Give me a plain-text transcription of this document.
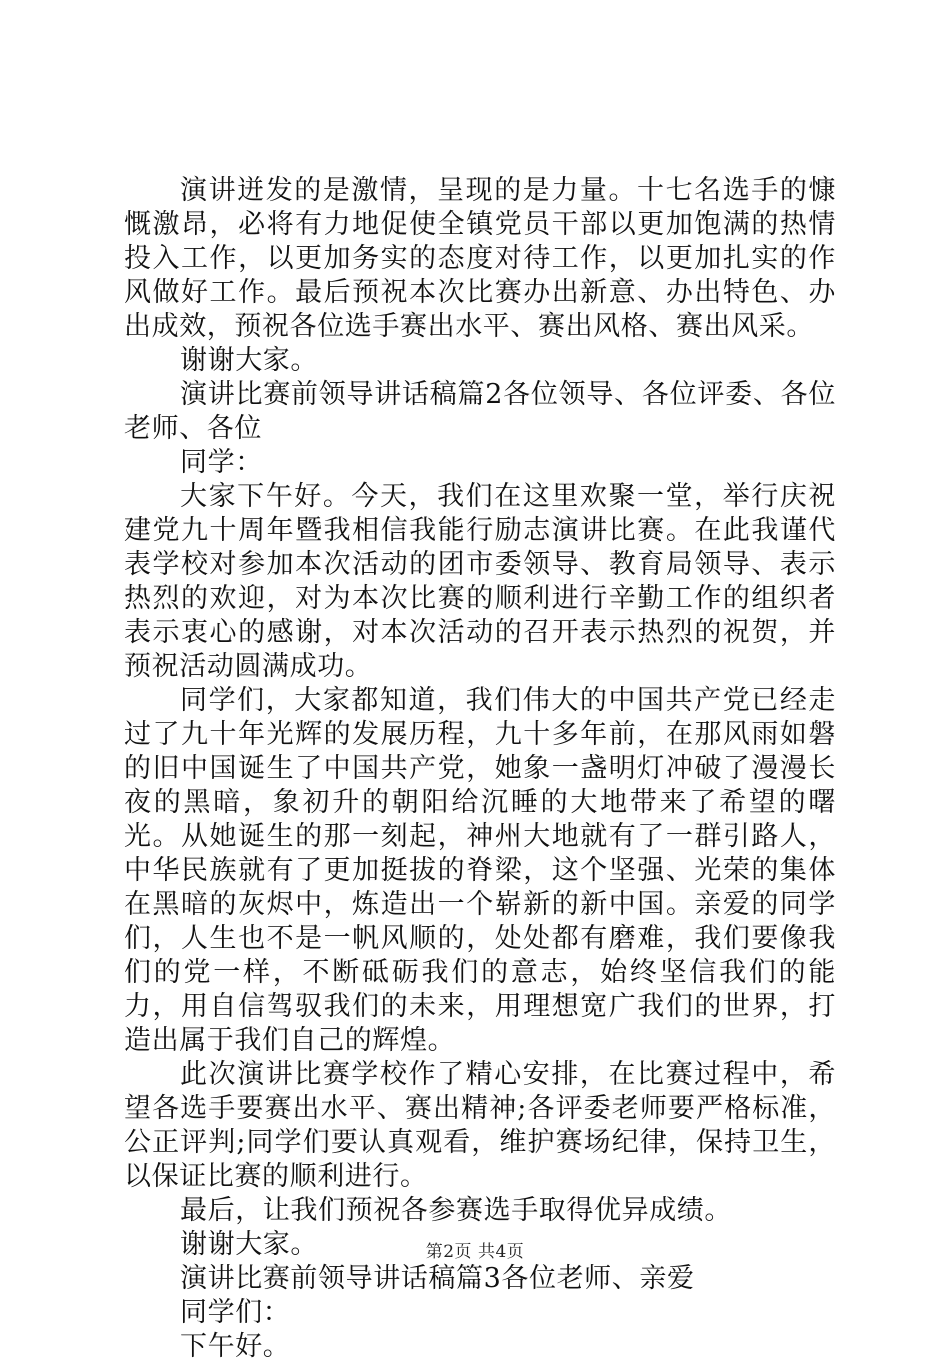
演讲迸发的是激情，呈现的是力量。十七名选手的慷慨激昂，必将有力地促使全镇党员干部以更加饱满的热情投入工作，以更加务实的态度对待工作，以更加扎实的作风做好工作。最后预祝本次比赛办出新意、办出特色、办出成效，预祝各位选手赛出水平、赛出风格、赛出风采。

谢谢大家。

演讲比赛前领导讲话稿篇2各位领导、各位评委、各位老师、各位

同学：

大家下午好。今天，我们在这里欢聚一堂，举行庆祝建党九十周年暨我相信我能行励志演讲比赛。在此我谨代表学校对参加本次活动的团市委领导、教育局领导、表示热烈的欢迎，对为本次比赛的顺利进行辛勤工作的组织者表示衷心的感谢，对本次活动的召开表示热烈的祝贺，并预祝活动圆满成功。

同学们，大家都知道，我们伟大的中国共产党已经走过了九十年光辉的发展历程，九十多年前，在那风雨如磐的旧中国诞生了中国共产党，她象一盏明灯冲破了漫漫长夜的黑暗，象初升的朝阳给沉睡的大地带来了希望的曙光。从她诞生的那一刻起，神州大地就有了一群引路人，中华民族就有了更加挺拔的脊梁，这个坚强、光荣的集体在黑暗的灰烬中，炼造出一个崭新的新中国。亲爱的同学们，人生也不是一帆风顺的，处处都有磨难，我们要像我们的党一样，不断砥砺我们的意志，始终坚信我们的能力，用自信驾驭我们的未来，用理想宽广我们的世界，打造出属于我们自己的辉煌。

此次演讲比赛学校作了精心安排，在比赛过程中，希望各选手要赛出水平、赛出精神;各评委老师要严格标准，公正评判;同学们要认真观看，维护赛场纪律，保持卫生，以保证比赛的顺利进行。

最后，让我们预祝各参赛选手取得优异成绩。

谢谢大家。

演讲比赛前领导讲话稿篇3各位老师、亲爱

同学们：

下午好。

第2页 共4页
